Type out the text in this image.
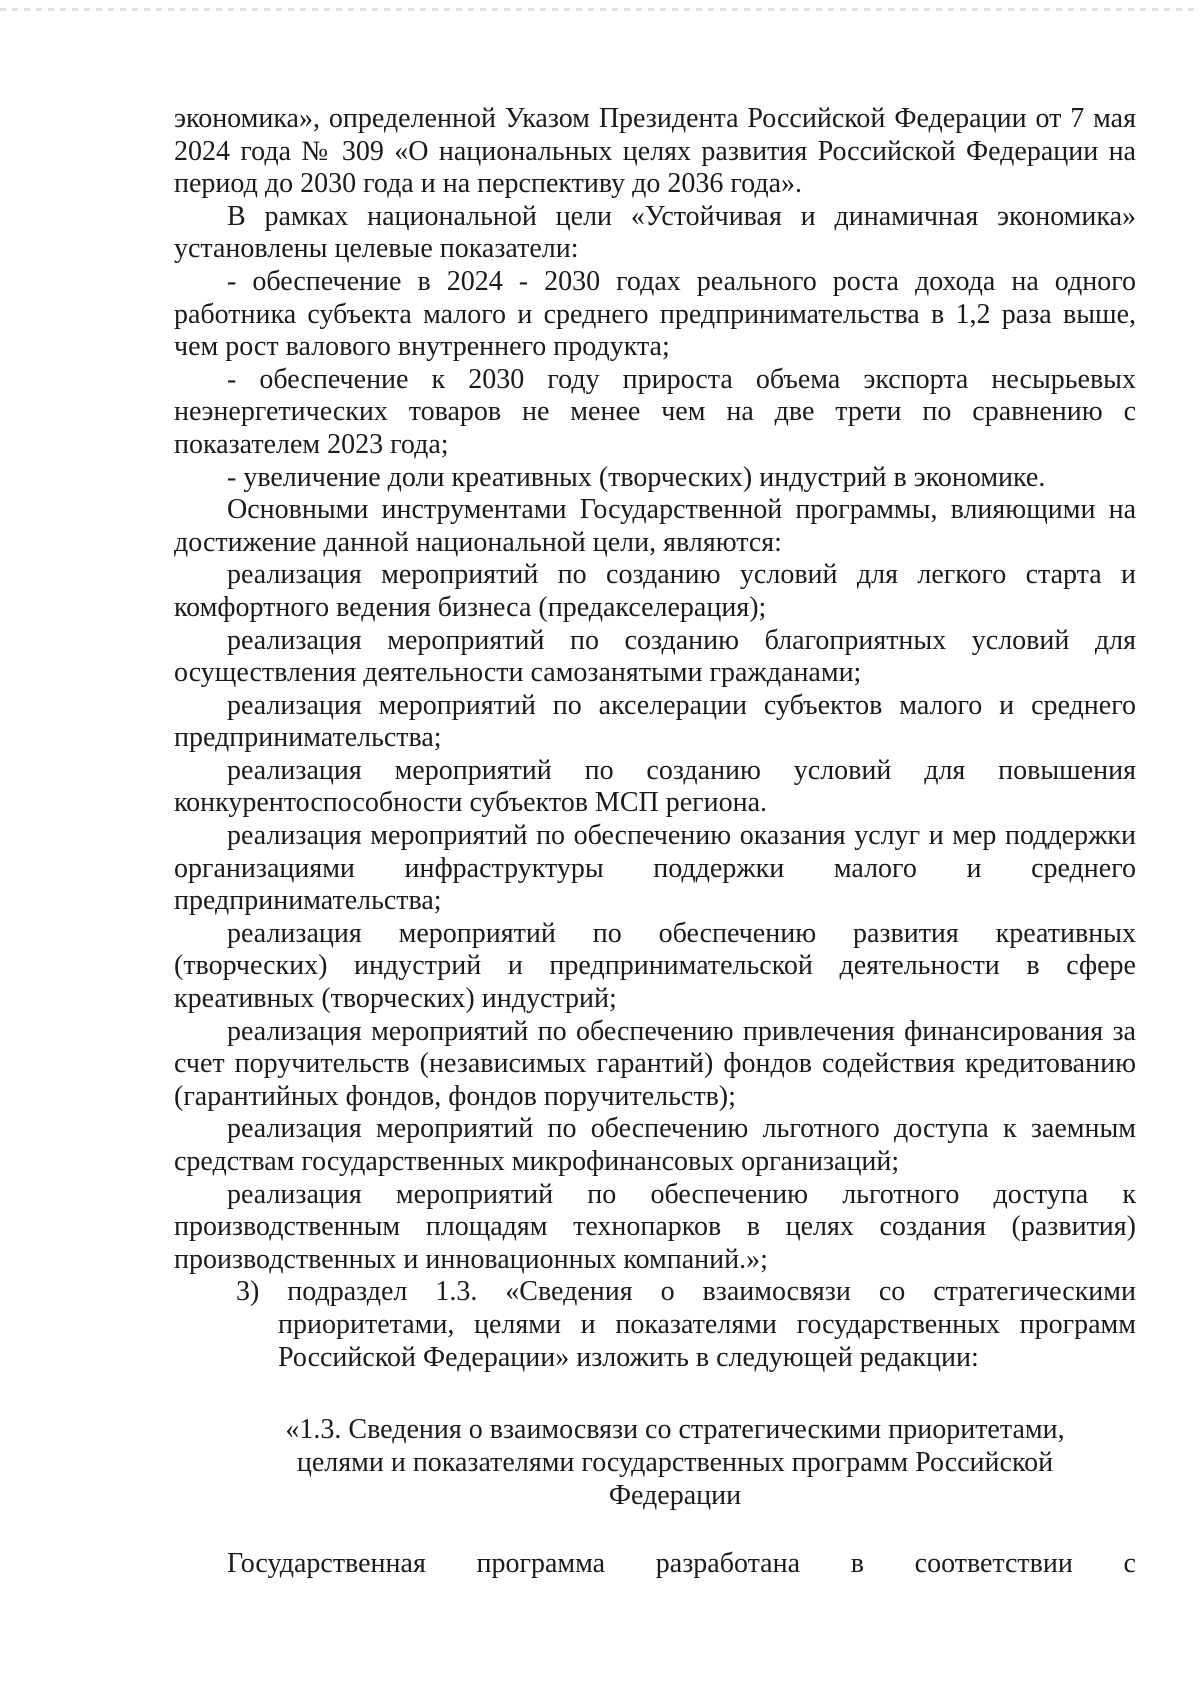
экономика», определенной Указом Президента Российской Федерации от 7 мая 2024 года № 309 «О национальных целях развития Российской Федерации на период до 2030 года и на перспективу до 2036 года».

В рамках национальной цели «Устойчивая и динамичная экономика» установлены целевые показатели:

- обеспечение в 2024 - 2030 годах реального роста дохода на одного работника субъекта малого и среднего предпринимательства в 1,2 раза выше, чем рост валового внутреннего продукта;

- обеспечение к 2030 году прироста объема экспорта несырьевых неэнергетических товаров не менее чем на две трети по сравнению с показателем 2023 года;

- увеличение доли креативных (творческих) индустрий в экономике.

Основными инструментами Государственной программы, влияющими на достижение данной национальной цели, являются:

реализация мероприятий по созданию условий для легкого старта и комфортного ведения бизнеса (предакселерация);

реализация мероприятий по созданию благоприятных условий для осуществления деятельности самозанятыми гражданами;

реализация мероприятий по акселерации субъектов малого и среднего предпринимательства;

реализация мероприятий по созданию условий для повышения конкурентоспособности субъектов МСП региона.

реализация мероприятий по обеспечению оказания услуг и мер поддержки организациями инфраструктуры поддержки малого и среднего предпринимательства;

реализация мероприятий по обеспечению развития креативных (творческих) индустрий и предпринимательской деятельности в сфере креативных (творческих) индустрий;

реализация мероприятий по обеспечению привлечения финансирования за счет поручительств (независимых гарантий) фондов содействия кредитованию (гарантийных фондов, фондов поручительств);

реализация мероприятий по обеспечению льготного доступа к заемным средствам государственных микрофинансовых организаций;

реализация мероприятий по обеспечению льготного доступа к производственным площадям технопарков в целях создания (развития) производственных и инновационных компаний.»;

3) подраздел 1.3. «Сведения о взаимосвязи со стратегическими приоритетами, целями и показателями государственных программ Российской Федерации» изложить в следующей редакции:

«1.3. Сведения о взаимосвязи со стратегическими приоритетами, целями и показателями государственных программ Российской Федерации

Государственная программа разработана в соответствии с
